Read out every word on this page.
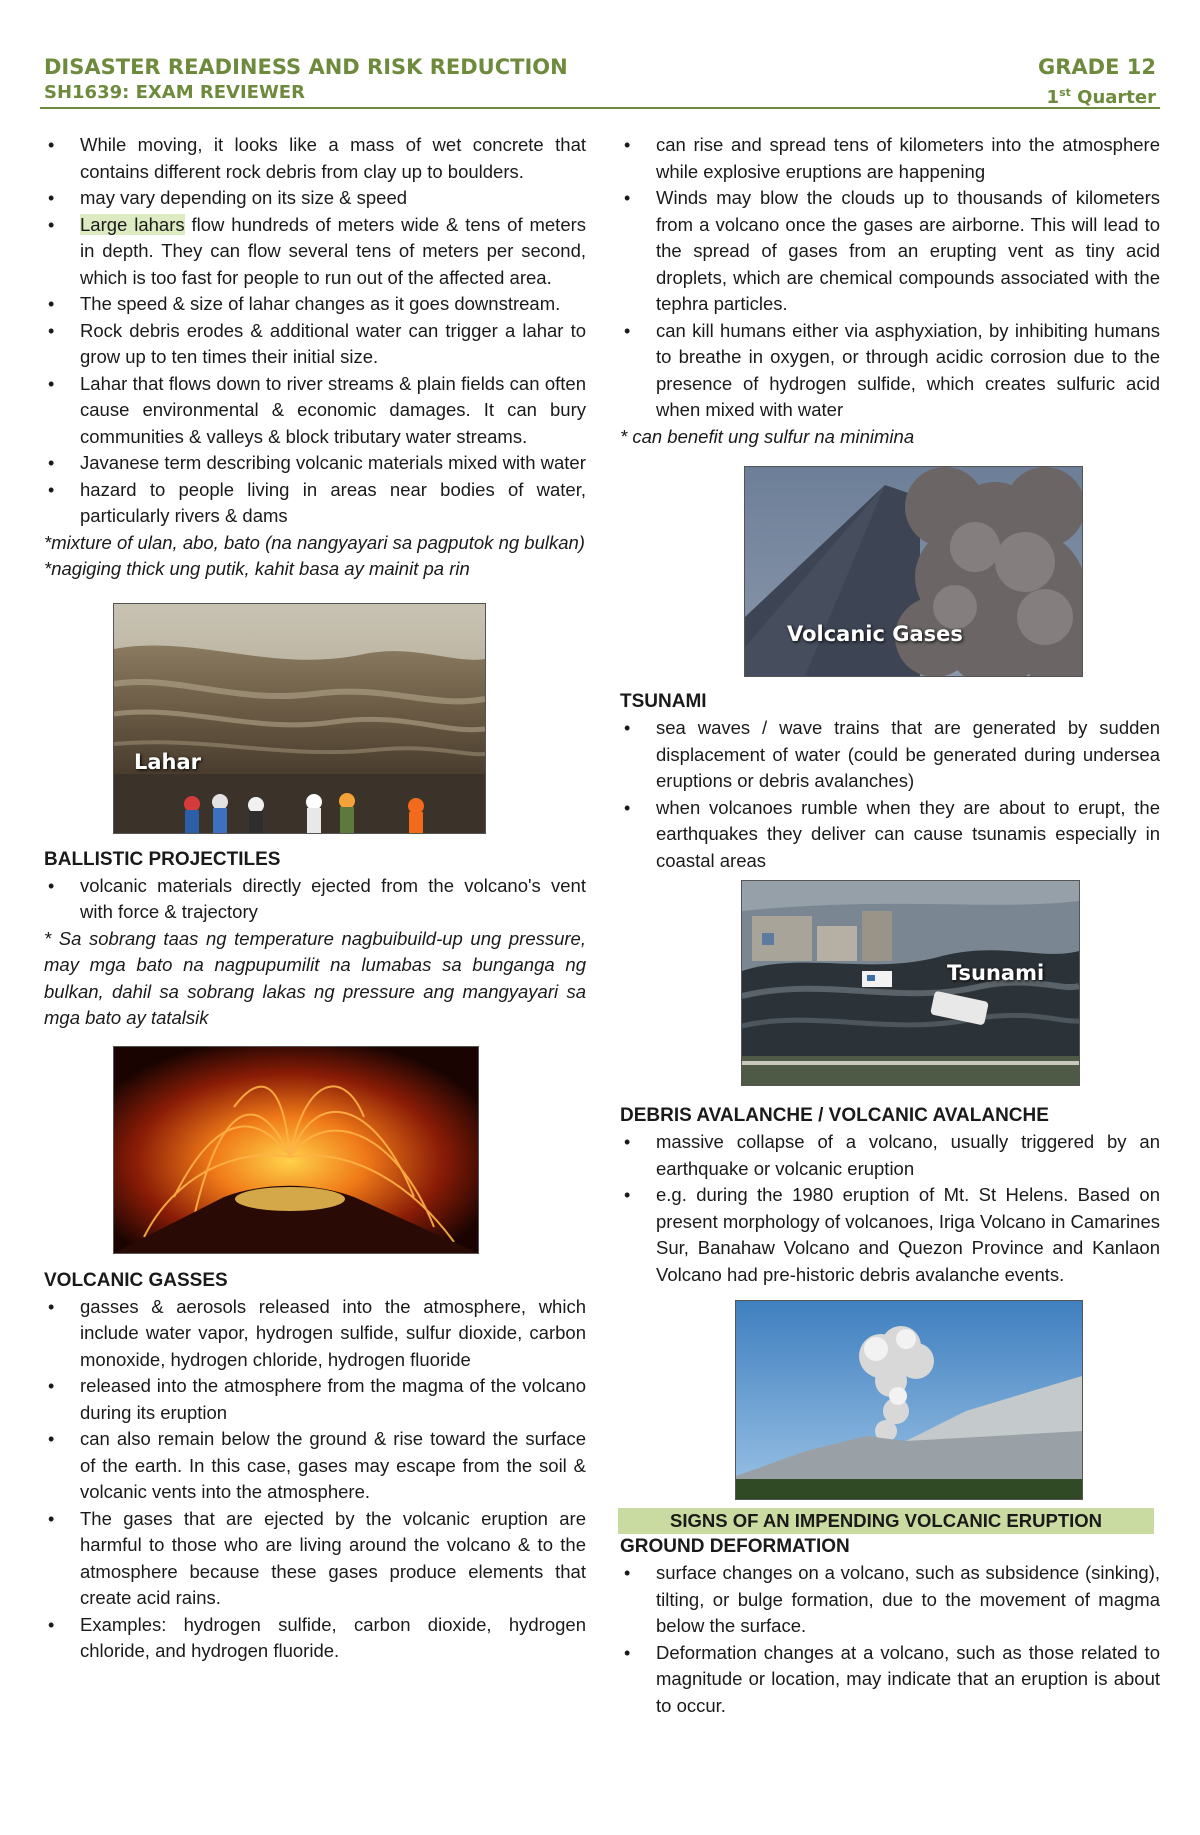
DISASTER READINESS AND RISK REDUCTION
SH1639: EXAM REVIEWER
GRADE 12
1st Quarter
• While moving, it looks like a mass of wet concrete that contains different rock debris from clay up to boulders.
• may vary depending on its size & speed
• Large lahars flow hundreds of meters wide & tens of meters in depth. They can flow several tens of meters per second, which is too fast for people to run out of the affected area.
• The speed & size of lahar changes as it goes downstream.
• Rock debris erodes & additional water can trigger a lahar to grow up to ten times their initial size.
• Lahar that flows down to river streams & plain fields can often cause environmental & economic damages. It can bury communities & valleys & block tributary water streams.
• Javanese term describing volcanic materials mixed with water
• hazard to people living in areas near bodies of water, particularly rivers & dams

*mixture of ulan, abo, bato (na nangyayari sa pagputok ng bulkan)

*nagiging thick ung putik, kahit basa ay mainit pa rin

Lahar

BALLISTIC PROJECTILES

• volcanic materials directly ejected from the volcano's vent with force & trajectory

* Sa sobrang taas ng temperature nagbuibuild-up ung pressure, may mga bato na nagpupumilit na lumabas sa bunganga ng bulkan, dahil sa sobrang lakas ng pressure ang mangyayari sa mga bato ay tatalsik

VOLCANIC GASSES

• gasses & aerosols released into the atmosphere, which include water vapor, hydrogen sulfide, sulfur dioxide, carbon monoxide, hydrogen chloride, hydrogen fluoride
• released into the atmosphere from the magma of the volcano during its eruption
• can also remain below the ground & rise toward the surface of the earth. In this case, gases may escape from the soil & volcanic vents into the atmosphere.
• The gases that are ejected by the volcanic eruption are harmful to those who are living around the volcano & to the atmosphere because these gases produce elements that create acid rains.
• Examples: hydrogen sulfide, carbon dioxide, hydrogen chloride, and hydrogen fluoride.
• can rise and spread tens of kilometers into the atmosphere while explosive eruptions are happening
• Winds may blow the clouds up to thousands of kilometers from a volcano once the gases are airborne. This will lead to the spread of gases from an erupting vent as tiny acid droplets, which are chemical compounds associated with the tephra particles.
• can kill humans either via asphyxiation, by inhibiting humans to breathe in oxygen, or through acidic corrosion due to the presence of hydrogen sulfide, which creates sulfuric acid when mixed with water

* can benefit ung sulfur na minimina

Volcanic Gases

TSUNAMI

• sea waves / wave trains that are generated by sudden displacement of water (could be generated during undersea eruptions or debris avalanches)
• when volcanoes rumble when they are about to erupt, the earthquakes they deliver can cause tsunamis especially in coastal areas
Tsunami

DEBRIS AVALANCHE / VOLCANIC AVALANCHE

• massive collapse of a volcano, usually triggered by an earthquake or volcanic eruption
• e.g. during the 1980 eruption of Mt. St Helens. Based on present morphology of volcanoes, Iriga Volcano in Camarines Sur, Banahaw Volcano and Quezon Province and Kanlaon Volcano had pre-historic debris avalanche events.

SIGNS OF AN IMPENDING VOLCANIC ERUPTION

GROUND DEFORMATION

• surface changes on a volcano, such as subsidence (sinking), tilting, or bulge formation, due to the movement of magma below the surface.
• Deformation changes at a volcano, such as those related to magnitude or location, may indicate that an eruption is about to occur.
